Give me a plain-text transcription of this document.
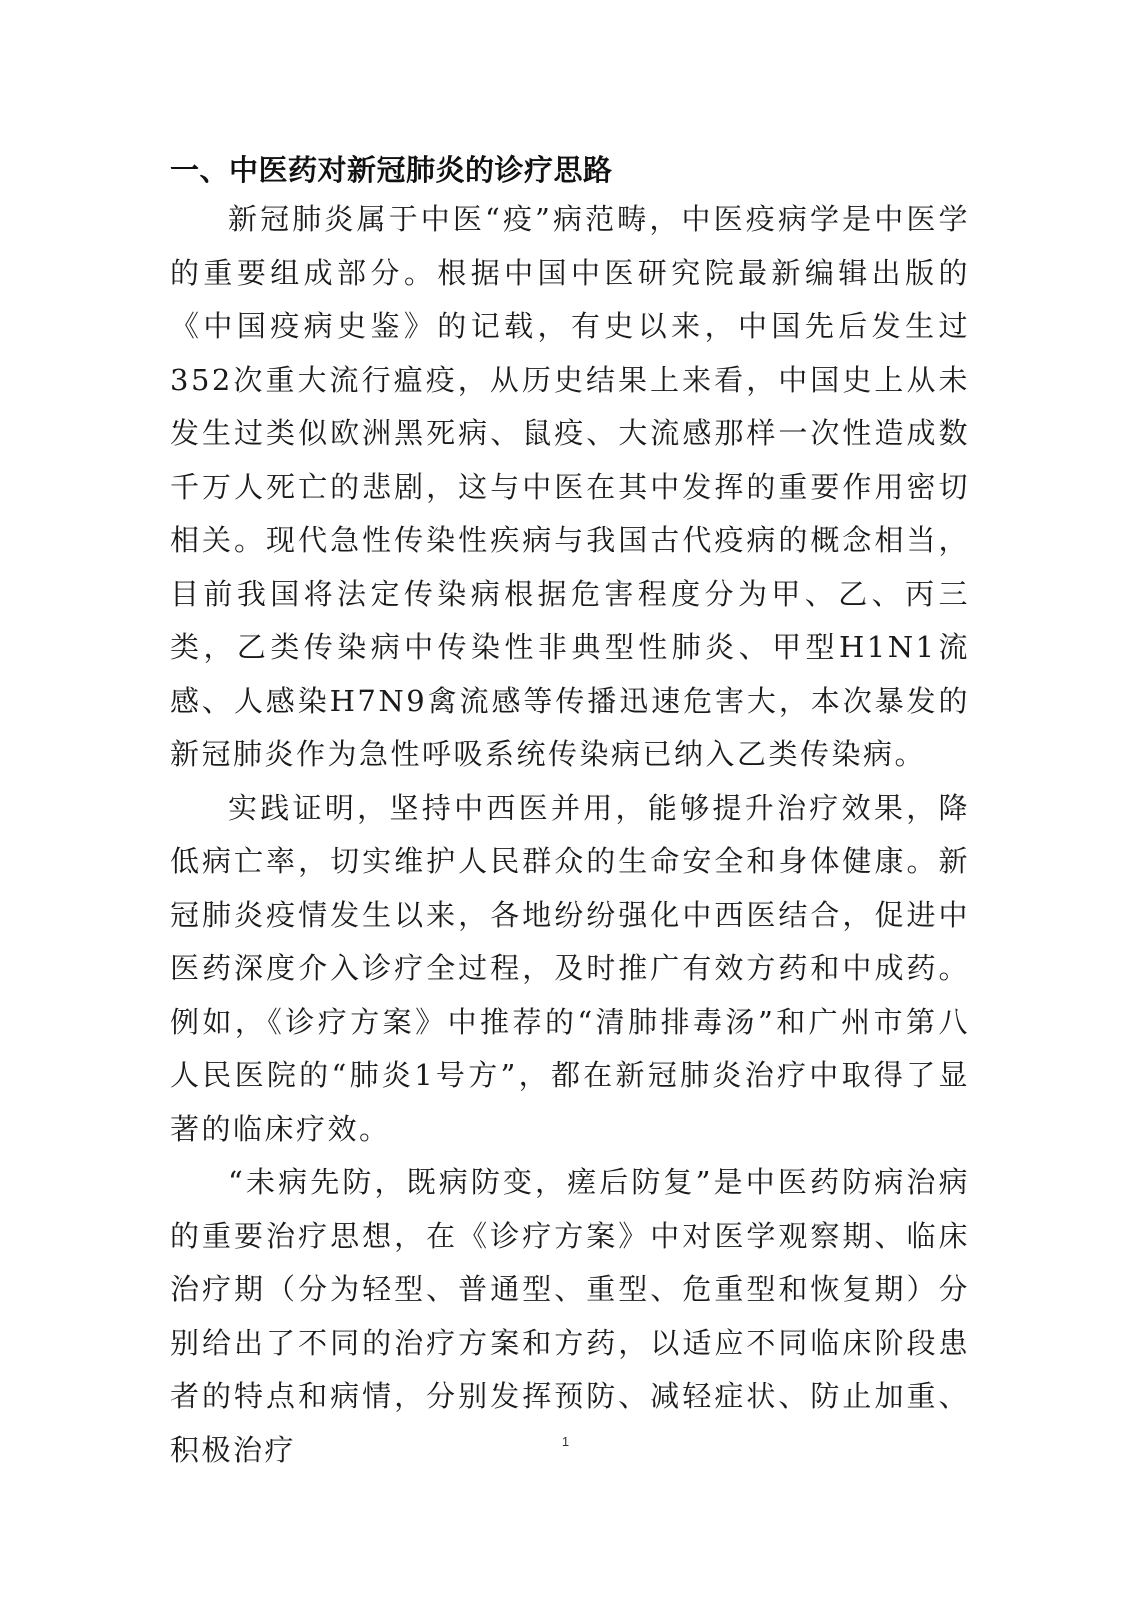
一、中医药对新冠肺炎的诊疗思路

新冠肺炎属于中医“疫”病范畴，中医疫病学是中医学的重要组成部分。根据中国中医研究院最新编辑出版的《中国疫病史鉴》的记载，有史以来，中国先后发生过352次重大流行瘟疫，从历史结果上来看，中国史上从未发生过类似欧洲黑死病、鼠疫、大流感那样一次性造成数千万人死亡的悲剧，这与中医在其中发挥的重要作用密切相关。现代急性传染性疾病与我国古代疫病的概念相当，目前我国将法定传染病根据危害程度分为甲、乙、丙三类，乙类传染病中传染性非典型性肺炎、甲型H1N1流感、人感染H7N9禽流感等传播迅速危害大，本次暴发的新冠肺炎作为急性呼吸系统传染病已纳入乙类传染病。

实践证明，坚持中西医并用，能够提升治疗效果，降低病亡率，切实维护人民群众的生命安全和身体健康。新冠肺炎疫情发生以来，各地纷纷强化中西医结合，促进中医药深度介入诊疗全过程，及时推广有效方药和中成药。例如，《诊疗方案》中推荐的“清肺排毒汤”和广州市第八人民医院的“肺炎1号方”，都在新冠肺炎治疗中取得了显著的临床疗效。

“未病先防，既病防变，瘥后防复”是中医药防病治病的重要治疗思想，在《诊疗方案》中对医学观察期、临床治疗期（分为轻型、普通型、重型、危重型和恢复期）分别给出了不同的治疗方案和方药，以适应不同临床阶段患者的特点和病情，分别发挥预防、减轻症状、防止加重、积极治疗	1
